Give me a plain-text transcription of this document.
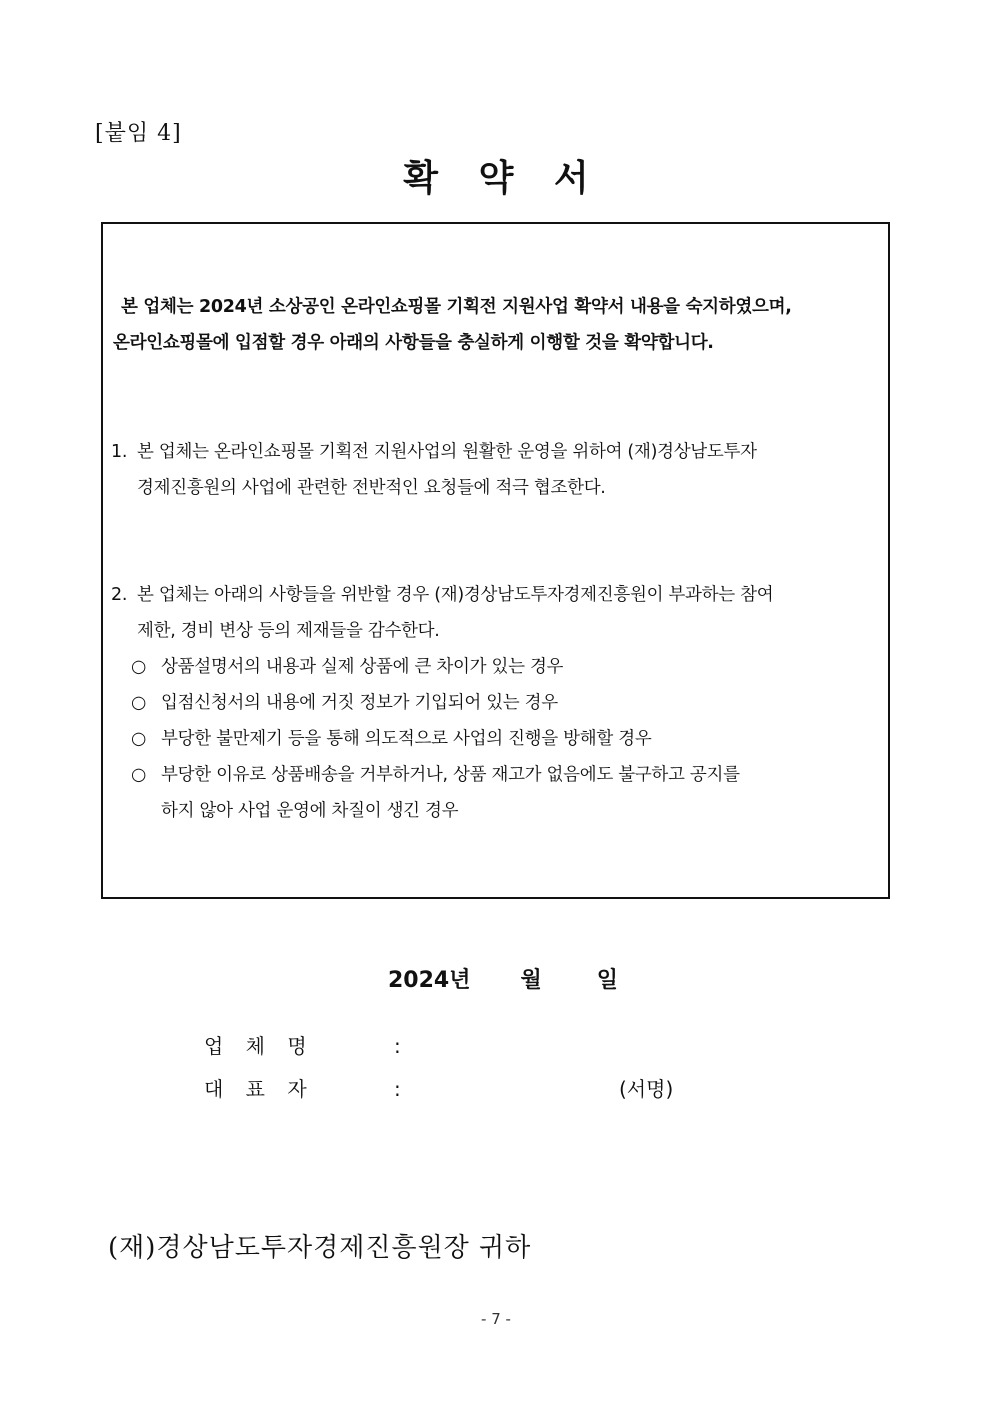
[붙임 4]
확 약 서
본 업체는 2024년 소상공인 온라인쇼핑몰 기획전 지원사업 확약서 내용을 숙지하였으며,
온라인쇼핑몰에 입점할 경우 아래의 사항들을 충실하게 이행할 것을 확약합니다.
1. 본 업체는 온라인쇼핑몰 기획전 지원사업의 원활한 운영을 위하여 (재)경상남도투자
경제진흥원의 사업에 관련한 전반적인 요청들에 적극 협조한다.
2. 본 업체는 아래의 사항들을 위반할 경우 (재)경상남도투자경제진흥원이 부과하는 참여
제한, 경비 변상 등의 제재들을 감수한다.
○ 상품설명서의 내용과 실제 상품에 큰 차이가 있는 경우
○ 입점신청서의 내용에 거짓 정보가 기입되어 있는 경우
○ 부당한 불만제기 등을 통해 의도적으로 사업의 진행을 방해할 경우
○ 부당한 이유로 상품배송을 거부하거나, 상품 재고가 없음에도 불구하고 공지를
하지 않아 사업 운영에 차질이 생긴 경우
2024년 월	일
업 체 명	:
대 표 자	:	(서명)
(재)경상남도투자경제진흥원장 귀하
- 7 -
